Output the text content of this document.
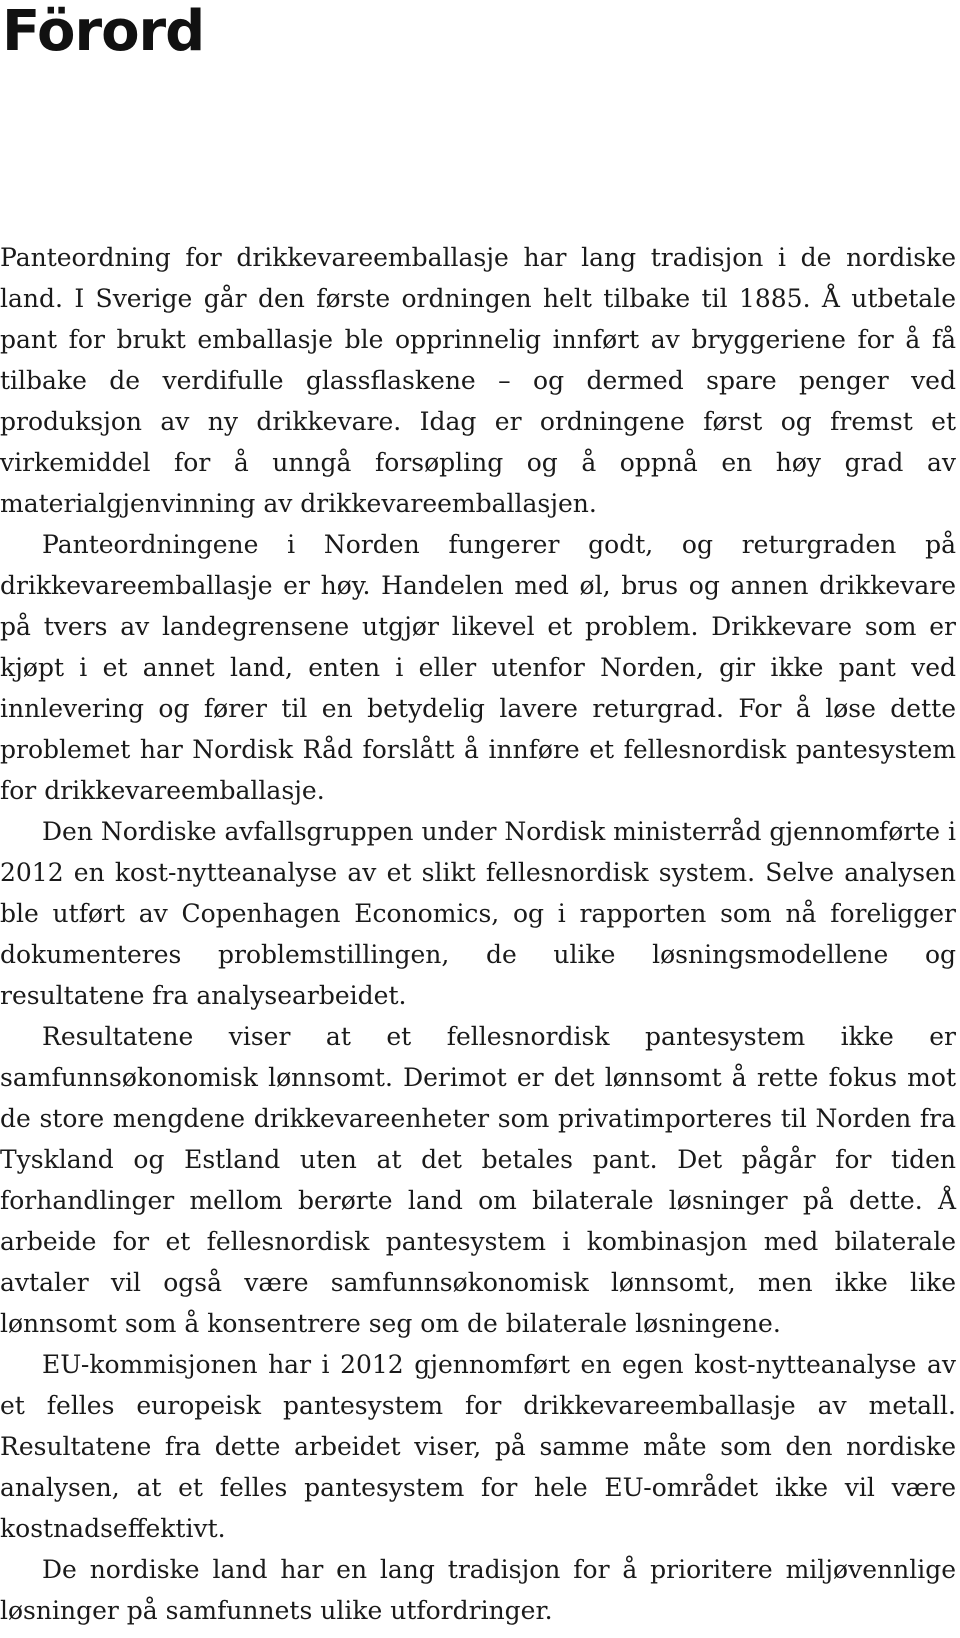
Förord

Panteordning for drikkevareemballasje har lang tradisjon i de nordiske land. I Sverige går den første ordningen helt tilbake til 1885. Å utbetale pant for brukt emballasje ble opprinnelig innført av bryggeriene for å få tilbake de verdifulle glassflaskene – og dermed spare penger ved produksjon av ny drikkevare. Idag er ordningene først og fremst et virkemiddel for å unngå forsøpling og å oppnå en høy grad av materialgjenvinning av drikkevareemballasjen.

Panteordningene i Norden fungerer godt, og returgraden på drikkevareemballasje er høy. Handelen med øl, brus og annen drikkevare på tvers av landegrensene utgjør likevel et problem. Drikkevare som er kjøpt i et annet land, enten i eller utenfor Norden, gir ikke pant ved innlevering og fører til en betydelig lavere returgrad. For å løse dette problemet har Nordisk Råd forslått å innføre et fellesnordisk pantesystem for drikkevareemballasje.

Den Nordiske avfallsgruppen under Nordisk ministerråd gjennomførte i 2012 en kost-nytteanalyse av et slikt fellesnordisk system. Selve analysen ble utført av Copenhagen Economics, og i rapporten som nå foreligger dokumenteres problemstillingen, de ulike løsningsmodellene og resultatene fra analysearbeidet.

Resultatene viser at et fellesnordisk pantesystem ikke er samfunnsøkonomisk lønnsomt. Derimot er det lønnsomt å rette fokus mot de store mengdene drikkevareenheter som privatimporteres til Norden fra Tyskland og Estland uten at det betales pant. Det pågår for tiden forhandlinger mellom berørte land om bilaterale løsninger på dette. Å arbeide for et fellesnordisk pantesystem i kombinasjon med bilaterale avtaler vil også være samfunnsøkonomisk lønnsomt, men ikke like lønnsomt som å konsentrere seg om de bilaterale løsningene.

EU-kommisjonen har i 2012 gjennomført en egen kost-nytteanalyse av et felles europeisk pantesystem for drikkevareemballasje av metall. Resultatene fra dette arbeidet viser, på samme måte som den nordiske analysen, at et felles pantesystem for hele EU-området ikke vil være kostnadseffektivt.

De nordiske land har en lang tradisjon for å prioritere miljøvennlige løsninger på samfunnets ulike utfordringer.
